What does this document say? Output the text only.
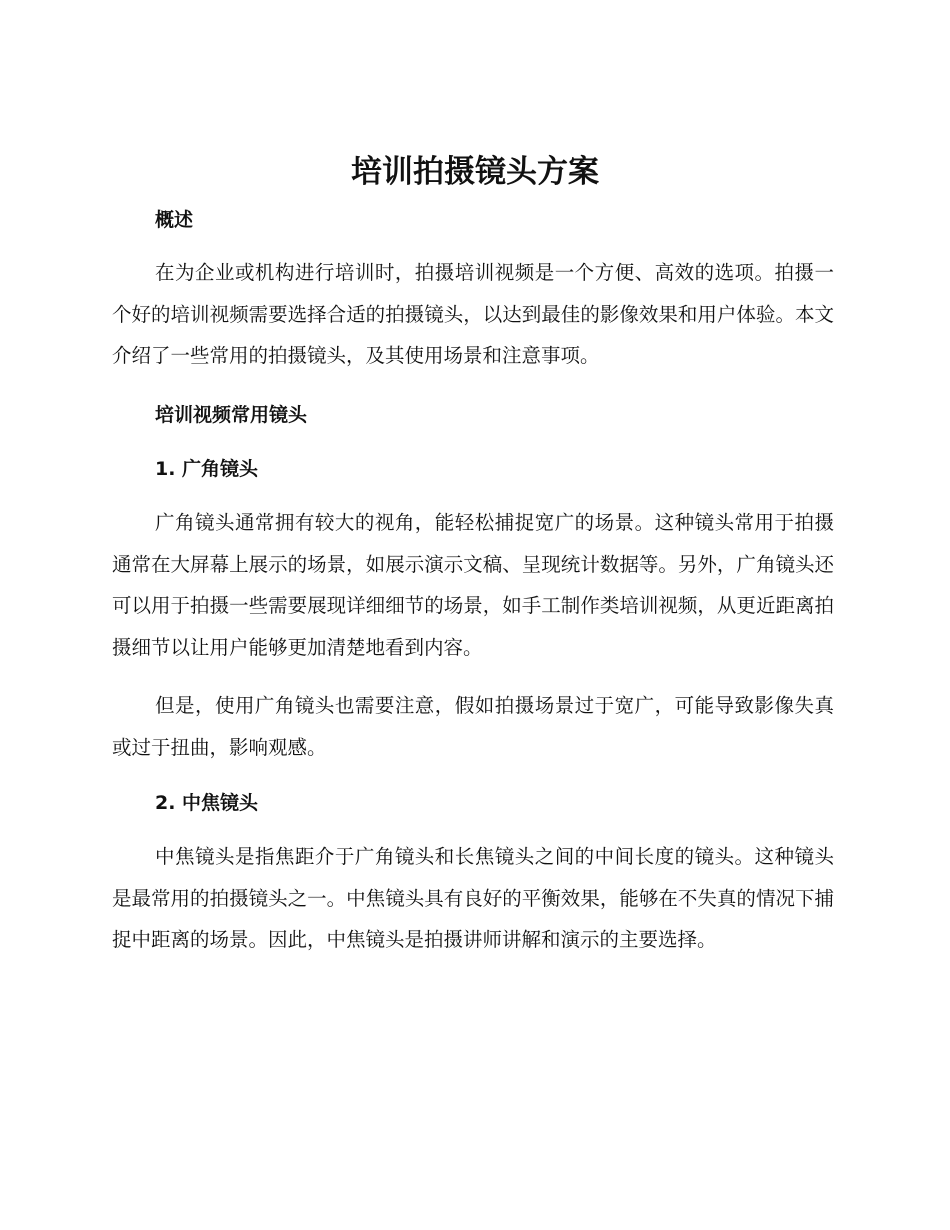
培训拍摄镜头方案
概述

在为企业或机构进行培训时，拍摄培训视频是一个方便、高效的选项。拍摄一个好的培训视频需要选择合适的拍摄镜头，以达到最佳的影像效果和用户体验。本文介绍了一些常用的拍摄镜头，及其使用场景和注意事项。

培训视频常用镜头
1. 广角镜头

广角镜头通常拥有较大的视角，能轻松捕捉宽广的场景。这种镜头常用于拍摄通常在大屏幕上展示的场景，如展示演示文稿、呈现统计数据等。另外，广角镜头还可以用于拍摄一些需要展现详细细节的场景，如手工制作类培训视频，从更近距离拍摄细节以让用户能够更加清楚地看到内容。

但是，使用广角镜头也需要注意，假如拍摄场景过于宽广，可能导致影像失真或过于扭曲，影响观感。

2. 中焦镜头

中焦镜头是指焦距介于广角镜头和长焦镜头之间的中间长度的镜头。这种镜头是最常用的拍摄镜头之一。中焦镜头具有良好的平衡效果，能够在不失真的情况下捕捉中距离的场景。因此，中焦镜头是拍摄讲师讲解和演示的主要选择。
